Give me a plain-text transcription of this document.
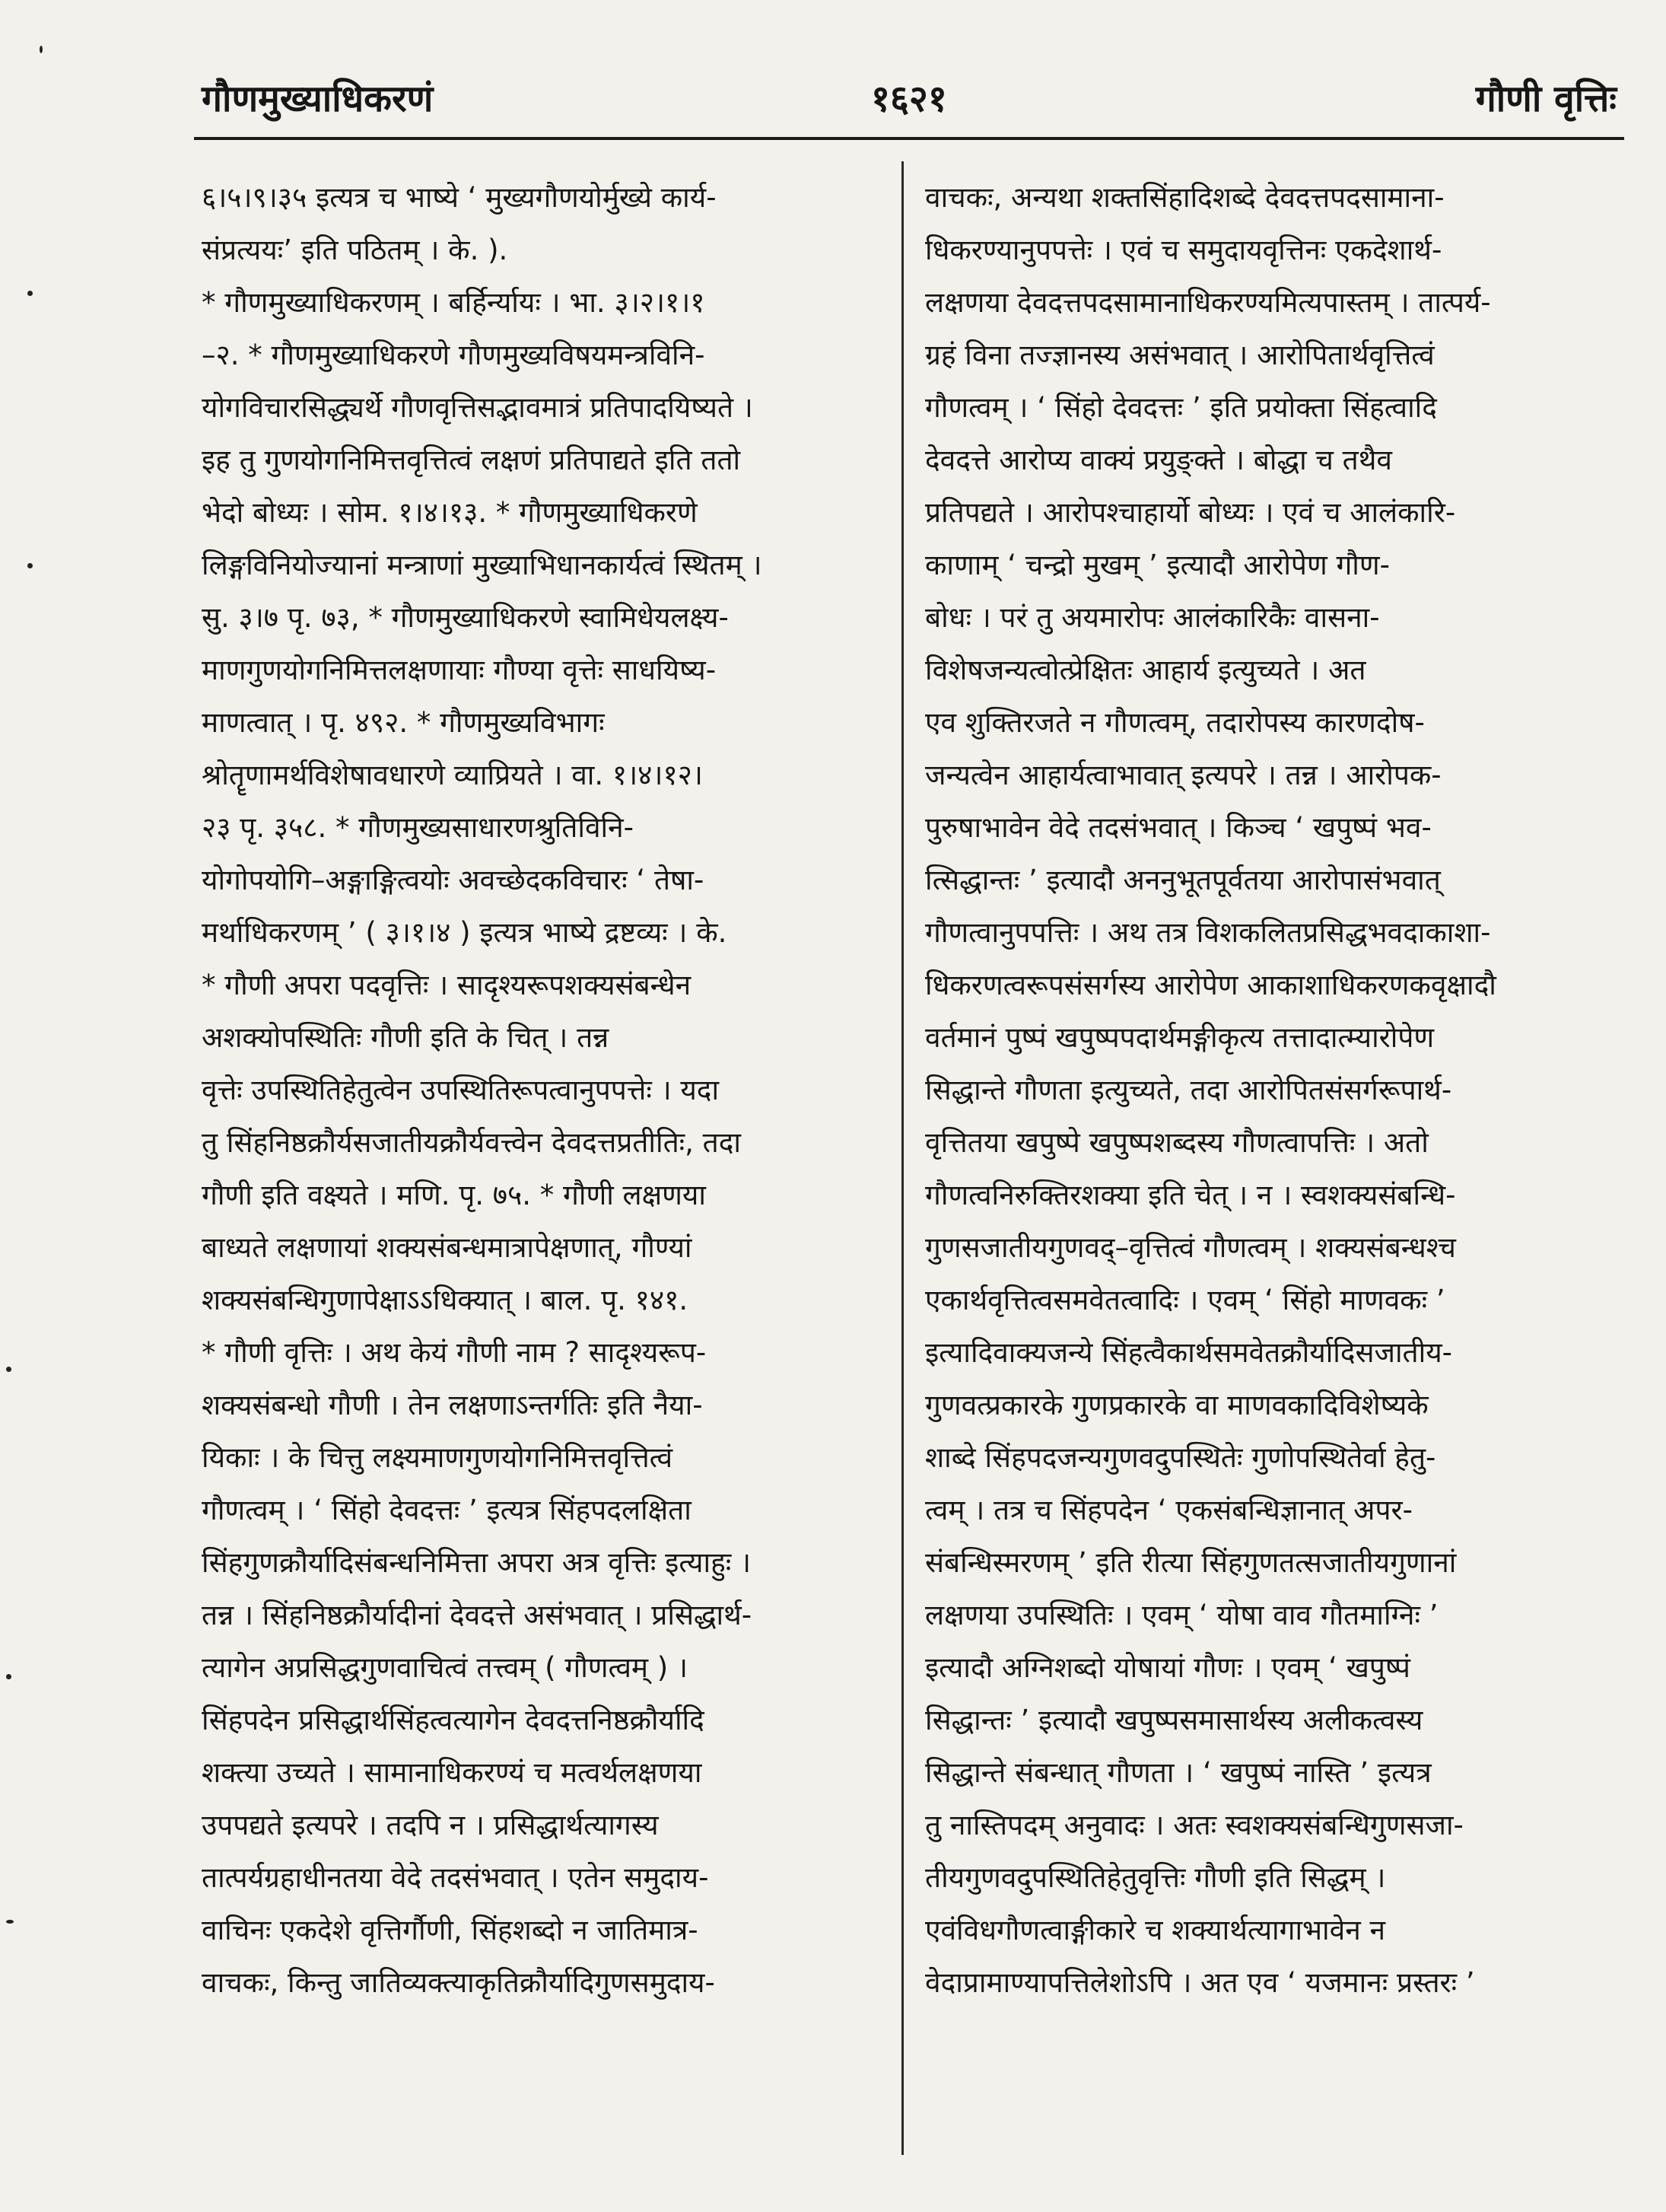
गौणमुख्याधिकरणं	१६२१	गौणी वृत्तिः
६।५।९।३५ इत्यत्र च भाष्ये ‘ मुख्यगौणयोर्मुख्ये कार्य-
संप्रत्ययः’ इति पठितम् । के. ).
* गौणमुख्याधिकरणम् । बर्हिर्न्यायः । भा. ३।२।१।१
–२. * गौणमुख्याधिकरणे गौणमुख्यविषयमन्त्रविनि-
योगविचारसिद्ध्यर्थे गौणवृत्तिसद्भावमात्रं प्रतिपादयिष्यते ।
इह तु गुणयोगनिमित्तवृत्तित्वं लक्षणं प्रतिपाद्यते इति ततो
भेदो बोध्यः । सोम. १।४।१३. * गौणमुख्याधिकरणे
लिङ्गविनियोज्यानां मन्त्राणां मुख्याभिधानकार्यत्वं स्थितम् ।
सु. ३।७ पृ. ७३, * गौणमुख्याधिकरणे स्वामिधेयलक्ष्य-
माणगुणयोगनिमित्तलक्षणायाः गौण्या वृत्तेः साधयिष्य-
माणत्वात् । पृ. ४९२. * गौणमुख्यविभागः
श्रोतॄणामर्थविशेषावधारणे व्याप्रियते । वा. १।४।१२।
२३ पृ. ३५८. * गौणमुख्यसाधारणश्रुतिविनि-
योगोपयोगि–अङ्गाङ्गित्वयोः अवच्छेदकविचारः ‘ तेषा-
मर्थाधिकरणम् ’ ( ३।१।४ ) इत्यत्र भाष्ये द्रष्टव्यः । के.
* गौणी अपरा पदवृत्तिः । सादृश्यरूपशक्यसंबन्धेन
अशक्योपस्थितिः गौणी इति के चित् । तन्न
वृत्तेः उपस्थितिहेतुत्वेन उपस्थितिरूपत्वानुपपत्तेः । यदा
तु सिंहनिष्ठक्रौर्यसजातीयक्रौर्यवत्त्वेन देवदत्तप्रतीतिः, तदा
गौणी इति वक्ष्यते । मणि. पृ. ७५. * गौणी लक्षणया
बाध्यते लक्षणायां शक्यसंबन्धमात्रापेक्षणात्, गौण्यां
शक्यसंबन्धिगुणापेक्षाऽऽधिक्यात् । बाल. पृ. १४१.
* गौणी वृत्तिः । अथ केयं गौणी नाम ? सादृश्यरूप-
शक्यसंबन्धो गौणी । तेन लक्षणाऽन्तर्गतिः इति नैया-
यिकाः । के चित्तु लक्ष्यमाणगुणयोगनिमित्तवृत्तित्वं
गौणत्वम् । ‘ सिंहो देवदत्तः ’ इत्यत्र सिंहपदलक्षिता
सिंहगुणक्रौर्यादिसंबन्धनिमित्ता अपरा अत्र वृत्तिः इत्याहुः ।
तन्न । सिंहनिष्ठक्रौर्यादीनां देवदत्ते असंभवात् । प्रसिद्धार्थ-
त्यागेन अप्रसिद्धगुणवाचित्वं तत्त्वम् ( गौणत्वम् ) ।
सिंहपदेन प्रसिद्धार्थसिंहत्वत्यागेन देवदत्तनिष्ठक्रौर्यादि
शक्त्या उच्यते । सामानाधिकरण्यं च मत्वर्थलक्षणया
उपपद्यते इत्यपरे । तदपि न । प्रसिद्धार्थत्यागस्य
तात्पर्यग्रहाधीनतया वेदे तदसंभवात् । एतेन समुदाय-
वाचिनः एकदेशे वृत्तिर्गौणी, सिंहशब्दो न जातिमात्र-
वाचकः, किन्तु जातिव्यक्त्याकृतिक्रौर्यादिगुणसमुदाय-
वाचकः, अन्यथा शक्तसिंहादिशब्दे देवदत्तपदसामाना-
धिकरण्यानुपपत्तेः । एवं च समुदायवृत्तिनः एकदेशार्थ-
लक्षणया देवदत्तपदसामानाधिकरण्यमित्यपास्तम् । तात्पर्य-
ग्रहं विना तज्ज्ञानस्य असंभवात् । आरोपितार्थवृत्तित्वं
गौणत्वम् । ‘ सिंहो देवदत्तः ’ इति प्रयोक्ता सिंहत्वादि
देवदत्ते आरोप्य वाक्यं प्रयुङ्क्ते । बोद्धा च तथैव
प्रतिपद्यते । आरोपश्चाहार्यो बोध्यः । एवं च आलंकारि-
काणाम् ‘ चन्द्रो मुखम् ’ इत्यादौ आरोपेण गौण-
बोधः । परं तु अयमारोपः आलंकारिकैः वासना-
विशेषजन्यत्वोत्प्रेक्षितः आहार्य इत्युच्यते । अत
एव शुक्तिरजते न गौणत्वम्, तदारोपस्य कारणदोष-
जन्यत्वेन आहार्यत्वाभावात् इत्यपरे । तन्न । आरोपक-
पुरुषाभावेन वेदे तदसंभवात् । किञ्च ‘ खपुष्पं भव-
त्सिद्धान्तः ’ इत्यादौ अननुभूतपूर्वतया आरोपासंभवात्
गौणत्वानुपपत्तिः । अथ तत्र विशकलितप्रसिद्धभवदाकाशा-
धिकरणत्वरूपसंसर्गस्य आरोपेण आकाशाधिकरणकवृक्षादौ
वर्तमानं पुष्पं खपुष्पपदार्थमङ्गीकृत्य तत्तादात्म्यारोपेण
सिद्धान्ते गौणता इत्युच्यते, तदा आरोपितसंसर्गरूपार्थ-
वृत्तितया खपुष्पे खपुष्पशब्दस्य गौणत्वापत्तिः । अतो
गौणत्वनिरुक्तिरशक्या इति चेत् । न । स्वशक्यसंबन्धि-
गुणसजातीयगुणवद्–वृत्तित्वं गौणत्वम् । शक्यसंबन्धश्च
एकार्थवृत्तित्वसमवेतत्वादिः । एवम् ‘ सिंहो माणवकः ’
इत्यादिवाक्यजन्ये सिंहत्वैकार्थसमवेतक्रौर्यादिसजातीय-
गुणवत्प्रकारके गुणप्रकारके वा माणवकादिविशेष्यके
शाब्दे सिंहपदजन्यगुणवदुपस्थितेः गुणोपस्थितेर्वा हेतु-
त्वम् । तत्र च सिंहपदेन ‘ एकसंबन्धिज्ञानात् अपर-
संबन्धिस्मरणम् ’ इति रीत्या सिंहगुणतत्सजातीयगुणानां
लक्षणया उपस्थितिः । एवम् ‘ योषा वाव गौतमाग्निः ’
इत्यादौ अग्निशब्दो योषायां गौणः । एवम् ‘ खपुष्पं
सिद्धान्तः ’ इत्यादौ खपुष्पसमासार्थस्य अलीकत्वस्य
सिद्धान्ते संबन्धात् गौणता । ‘ खपुष्पं नास्ति ’ इत्यत्र
तु नास्तिपदम् अनुवादः । अतः स्वशक्यसंबन्धिगुणसजा-
तीयगुणवदुपस्थितिहेतुवृत्तिः गौणी इति सिद्धम् ।
एवंविधगौणत्वाङ्गीकारे च शक्यार्थत्यागाभावेन न
वेदाप्रामाण्यापत्तिलेशोऽपि । अत एव ‘ यजमानः प्रस्तरः ’
